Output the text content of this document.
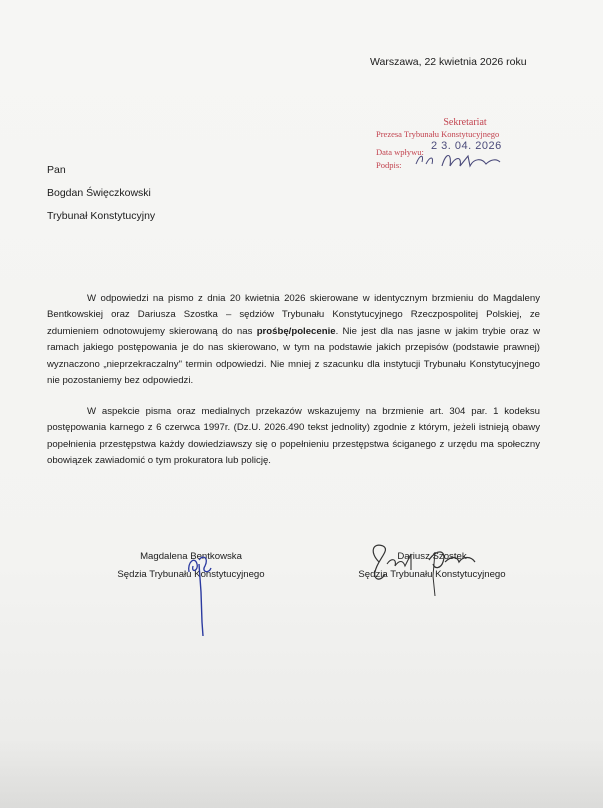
Warszawa, 22 kwietnia 2026 roku
Sekretariat
Prezesa Trybunału Konstytucyjnego
Data wpływu: 2 3. 04. 2026
Podpis:
Pan
Bogdan Święczkowski
Trybunał Konstytucyjny
W odpowiedzi na pismo z dnia 20 kwietnia 2026 skierowane w identycznym brzmieniu do Magdaleny Bentkowskiej oraz Dariusza Szostka – sędziów Trybunału Konstytucyjnego Rzeczpospolitej Polskiej, ze zdumieniem odnotowujemy skierowaną do nas prośbę/polecenie. Nie jest dla nas jasne w jakim trybie oraz w ramach jakiego postępowania je do nas skierowano, w tym na podstawie jakich przepisów (podstawie prawnej) wyznaczono „nieprzekraczalny" termin odpowiedzi. Nie mniej z szacunku dla instytucji Trybunału Konstytucyjnego nie pozostaniemy bez odpowiedzi.
W aspekcie pisma oraz medialnych przekazów wskazujemy na brzmienie art. 304 par. 1 kodeksu postępowania karnego z 6 czerwca 1997r. (Dz.U. 2026.490 tekst jednolity) zgodnie z którym, jeżeli istnieją obawy popełnienia przestępstwa każdy dowiedziawszy się o popełnieniu przestępstwa ściganego z urzędu ma społeczny obowiązek zawiadomić o tym prokuratora lub policję.
Magdalena Bentkowska
Sędzia Trybunału Konstytucyjnego
Dariusz Szostek
Sędzia Trybunału Konstytucyjnego
